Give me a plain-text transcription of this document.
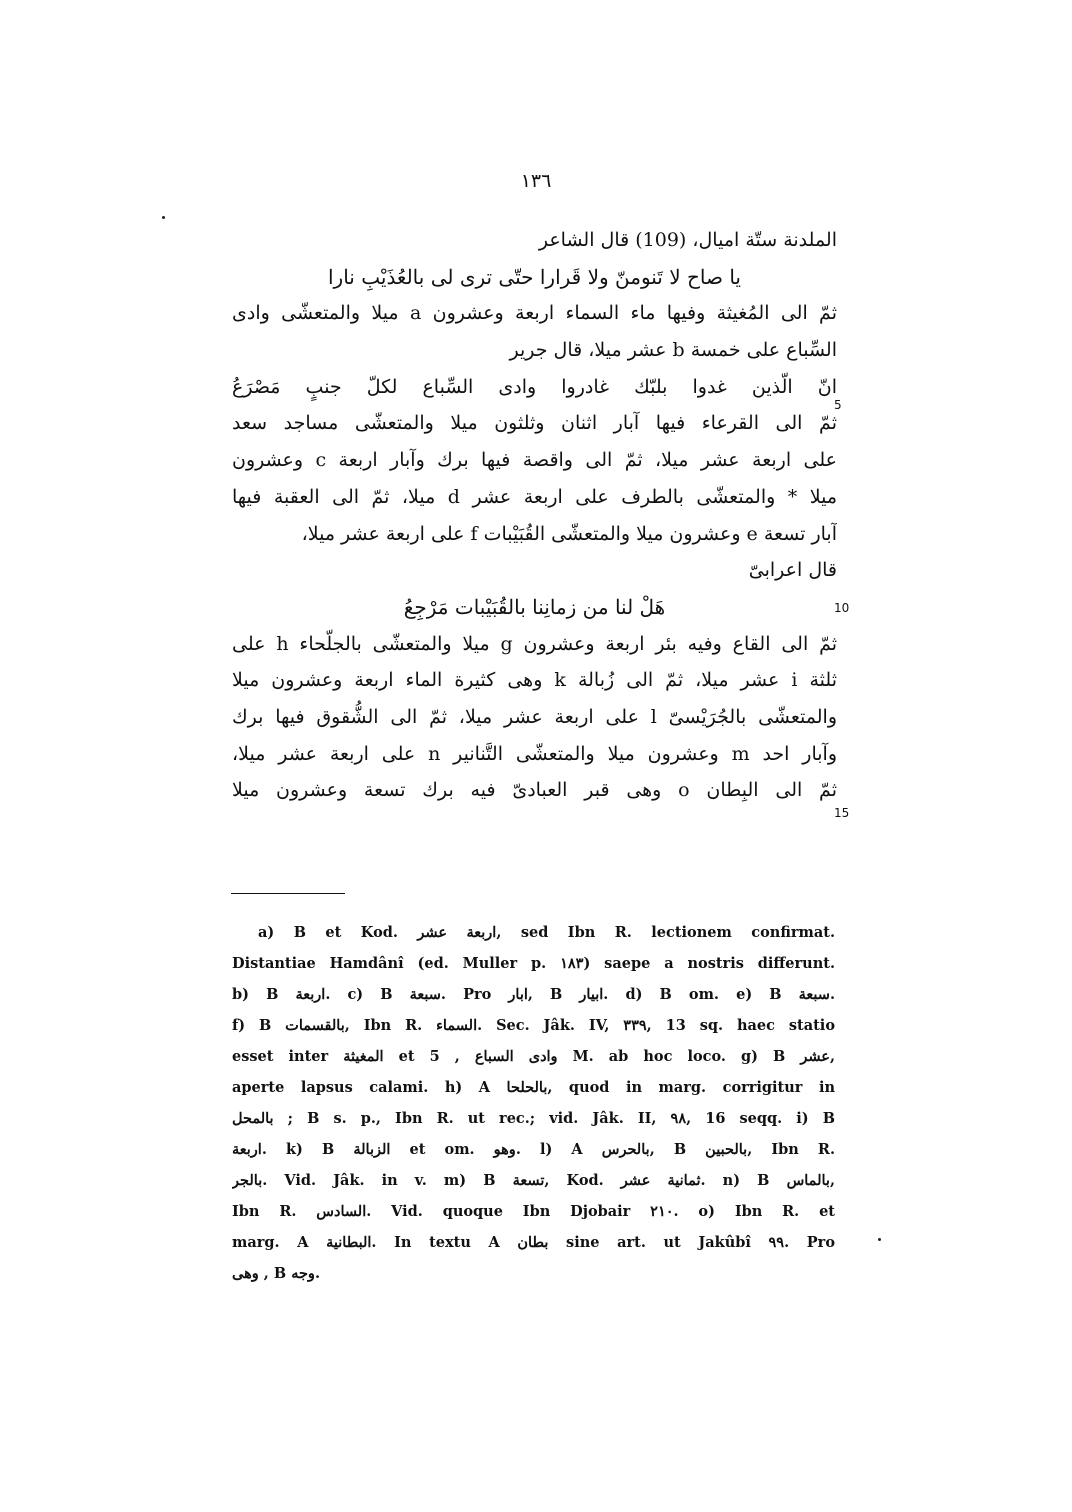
١٣٦
الملدنة ستّة اميال، (109) قال الشاعر
يا صاح لا تَنومنّ ولا قَرارا حتّى ترى لى بالعُذَيْبِ نارا
ثمّ الى المُغيثة وفيها ماء السماء اربعة وعشرون a ميلا والمتعشّى وادى
السِّباع على خمسة b عشر ميلا، قال جرير
انّ الّذين غدوا بلبّك غادروا وادى السِّباع لكلّ جنبٍ مَصْرَعُ
ثمّ الى القرعاء فيها آبار اثنان وثلثون ميلا والمتعشّى مساجد سعد
على اربعة عشر ميلا، ثمّ الى واقصة فيها برك وآبار اربعة c وعشرون
ميلا * والمتعشّى بالطرف على اربعة عشر d ميلا، ثمّ الى العقبة فيها
آبار تسعة e وعشرون ميلا والمتعشّى القُبَيْبات f على اربعة عشر ميلا،
قال اعرابىّ
هَلْ لنا من زمانِنا بالقُبَيْبات مَرْجِعُ
ثمّ الى القاع وفيه بئر اربعة وعشرون g ميلا والمتعشّى بالجلّحاء h على
ثلثة i عشر ميلا، ثمّ الى زُبالة k وهى كثيرة الماء اربعة وعشرون ميلا
والمتعشّى بالجُرَيْسىّ l على اربعة عشر ميلا، ثمّ الى الشُّقوق فيها برك
وآبار احد m وعشرون ميلا والمتعشّى التَّنانير n على اربعة عشر ميلا،
ثمّ الى البِطان o وهى قبر العبادىّ فيه برك تسعة وعشرون ميلا
5
10
15
a) B et Kod. اربعة عشر, sed Ibn R. lectionem confirmat.
Distantiae Hamdânî (ed. Muller p. ١٨٣) saepe a nostris differunt.
b) B اربعة. c) B سبعة. Pro ابار, B ابيار. d) B om. e) B سبعة.
f) B بالقسمات, Ibn R. السماء. Sec. Jâk. IV, ٣٣٩, 13 sq. haec statio
esset inter المغيثة et وادى السباع , 5 M. ab hoc loco. g) B عشر,
aperte lapsus calami. h) A بالحلحا, quod in marg. corrigitur in
بالمحل ; B s. p., Ibn R. ut rec.; vid. Jâk. II, ٩٨, 16 seqq. i) B
اربعة. k) B الزبالة et om. وهو. l) A بالحرس, B بالحبين, Ibn R.
بالجر. Vid. Jâk. in v. m) B تسعة, Kod. ثمانية عشر. n) B بالماس,
Ibn R. السادس. Vid. quoque Ibn Djobair ٢١٠. o) Ibn R. et
marg. A البطانية. In textu A بطان sine art. ut Jakûbî ٩٩. Pro
وهى , B وجه.
